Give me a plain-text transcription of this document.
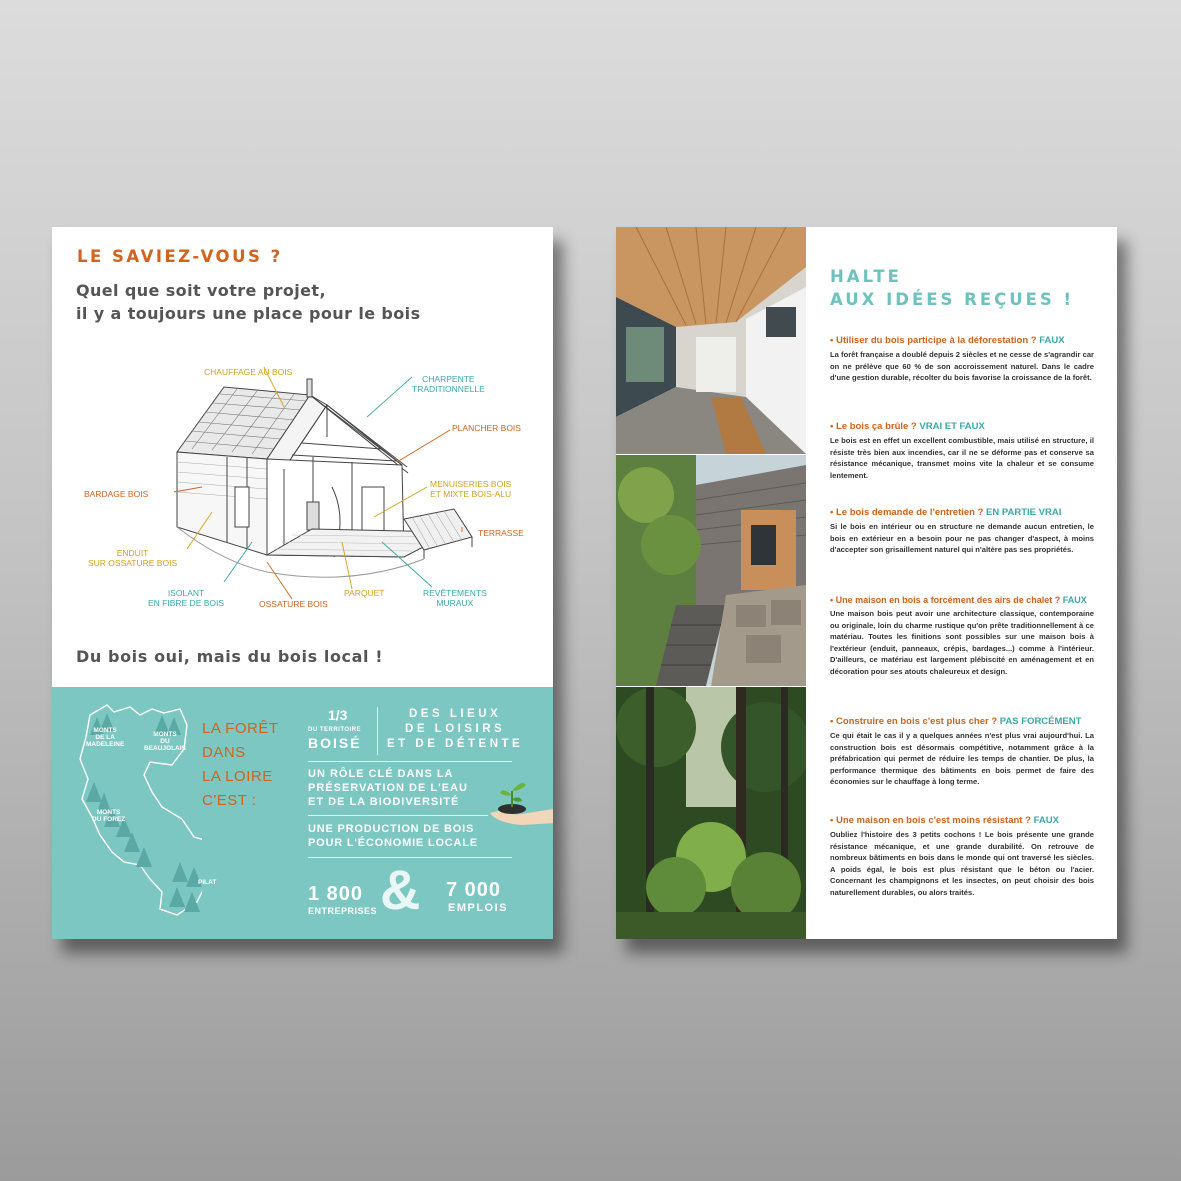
LE SAVIEZ-VOUS ?
Quel que soit votre projet,
il y a toujours une place pour le bois
CHAUFFAGE AU BOIS
CHARPENTE
TRADITIONNELLE
PLANCHER BOIS
MENUISERIES BOIS
ET MIXTE BOIS-ALU
BARDAGE BOIS
TERRASSE
ENDUIT
SUR OSSATURE BOIS
ISOLANT
EN FIBRE DE BOIS	OSSATURE BOIS
PARQUET	REVÊTEMENTS
MURAUX
Du bois oui, mais du bois local !
MONTS
DE LA
MADELEINE
MONTS
DU
BEAUJOLAIS
MONTS
DU FOREZ
PILAT
LA FORÊT
DANS
LA LOIRE
C'EST :
1/3
DU TERRITOIRE
BOISÉ
DES LIEUX
DE LOISIRS
ET DE DÉTENTE
UN RÔLE CLÉ DANS LA
PRÉSERVATION DE L'EAU
ET DE LA BIODIVERSITÉ
UNE PRODUCTION DE BOIS
POUR L'ÉCONOMIE LOCALE
1 800
ENTREPRISES & 7 000
EMPLOIS
HALTE
AUX IDÉES REÇUES !
• Utiliser du bois participe à la déforestation ? FAUX
La forêt française a doublé depuis 2 siècles et ne cesse de s'agrandir car on ne prélève que 60 % de son accroissement naturel. Dans le cadre d'une gestion durable, récolter du bois favorise la croissance de la forêt.
• Le bois ça brûle ? VRAI ET FAUX
Le bois est en effet un excellent combustible, mais utilisé en structure, il résiste très bien aux incendies, car il ne se déforme pas et conserve sa résistance mécanique, transmet moins vite la chaleur et se consume lentement.
• Le bois demande de l'entretien ? EN PARTIE VRAI
Si le bois en intérieur ou en structure ne demande aucun entretien, le bois en extérieur en a besoin pour ne pas changer d'aspect, à moins d'accepter son grisaillement naturel qui n'altère pas ses propriétés.
• Une maison en bois a forcément des airs de chalet ? FAUX
Une maison bois peut avoir une architecture classique, contemporaine ou originale, loin du charme rustique qu'on prête traditionnellement à ce matériau. Toutes les finitions sont possibles sur une maison bois à l'extérieur (enduit, panneaux, crépis, bardages...) comme à l'intérieur. D'ailleurs, ce matériau est largement plébiscité en aménagement et en décoration pour ses atouts chaleureux et design.
• Construire en bois c'est plus cher ? PAS FORCÉMENT
Ce qui était le cas il y a quelques années n'est plus vrai aujourd'hui. La construction bois est désormais compétitive, notamment grâce à la préfabrication qui permet de réduire les temps de chantier. De plus, la performance thermique des bâtiments en bois permet de faire des économies sur le chauffage à long terme.
• Une maison en bois c'est moins résistant ? FAUX
Oubliez l'histoire des 3 petits cochons ! Le bois présente une grande résistance mécanique, et une grande durabilité. On retrouve de nombreux bâtiments en bois dans le monde qui ont traversé les siècles. A poids égal, le bois est plus résistant que le béton ou l'acier. Concernant les champignons et les insectes, on peut choisir des bois naturellement durables, ou alors traités.
